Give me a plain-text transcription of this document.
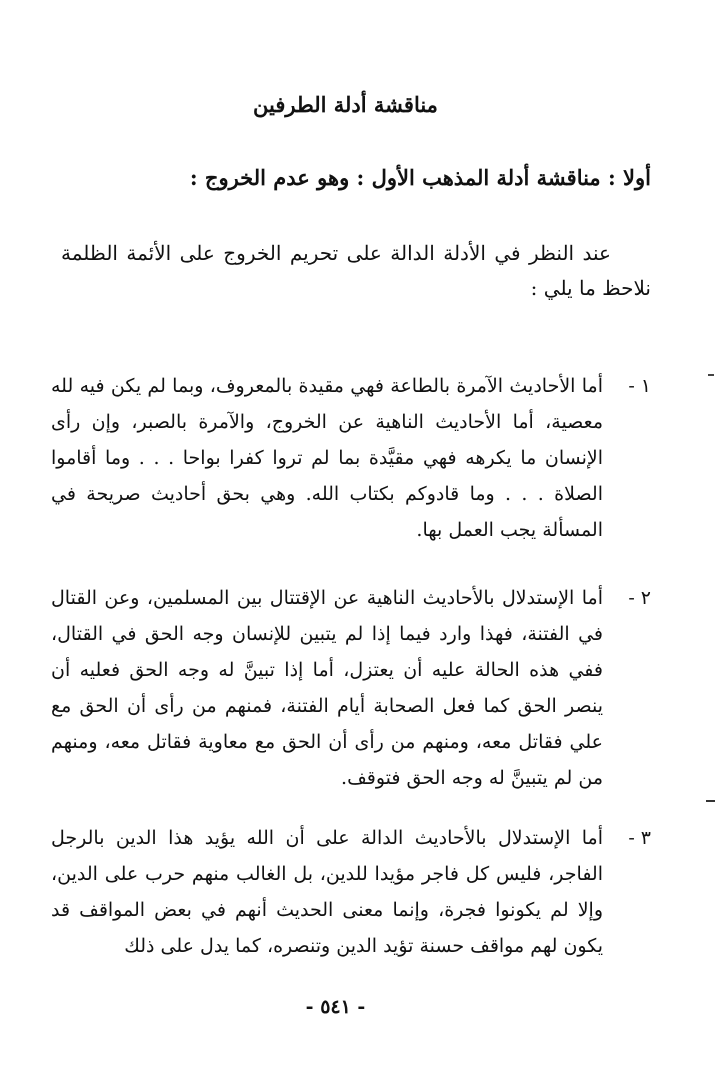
مناقشة أدلة الطرفين
أولا : مناقشة أدلة المذهب الأول : وهو عدم الخروج :
عند النظر في الأدلة الدالة على تحريم الخروج على الأئمة الظلمة نلاحظ ما يلي :
١ -
أما الأحاديث الآمرة بالطاعة فهي مقيدة بالمعروف، وبما لم يكن فيه لله معصية، أما الأحاديث الناهية عن الخروج، والآمرة بالصبر، وإن رأى الإنسان ما يكرهه فهي مقيَّدة بما لم تروا كفرا بواحا . . . وما أقاموا الصلاة . . . وما قادوكم بكتاب الله. وهي بحق أحاديث صريحة في المسألة يجب العمل بها.
٢ -
أما الإستدلال بالأحاديث الناهية عن الإقتتال بين المسلمين، وعن القتال في الفتنة، فهذا وارد فيما إذا لم يتبين للإنسان وجه الحق في القتال، ففي هذه الحالة عليه أن يعتزل، أما إذا تبينَّ له وجه الحق فعليه أن ينصر الحق كما فعل الصحابة أيام الفتنة، فمنهم من رأى أن الحق مع علي فقاتل معه، ومنهم من رأى أن الحق مع معاوية فقاتل معه، ومنهم من لم يتبينَّ له وجه الحق فتوقف.
٣ -
أما الإستدلال بالأحاديث الدالة على أن الله يؤيد هذا الدين بالرجل الفاجر، فليس كل فاجر مؤيدا للدين، بل الغالب منهم حرب على الدين، وإلا لم يكونوا فجرة، وإنما معنى الحديث أنهم في بعض المواقف قد يكون لهم مواقف حسنة تؤيد الدين وتنصره، كما يدل على ذلك
- ٥٤١ -
